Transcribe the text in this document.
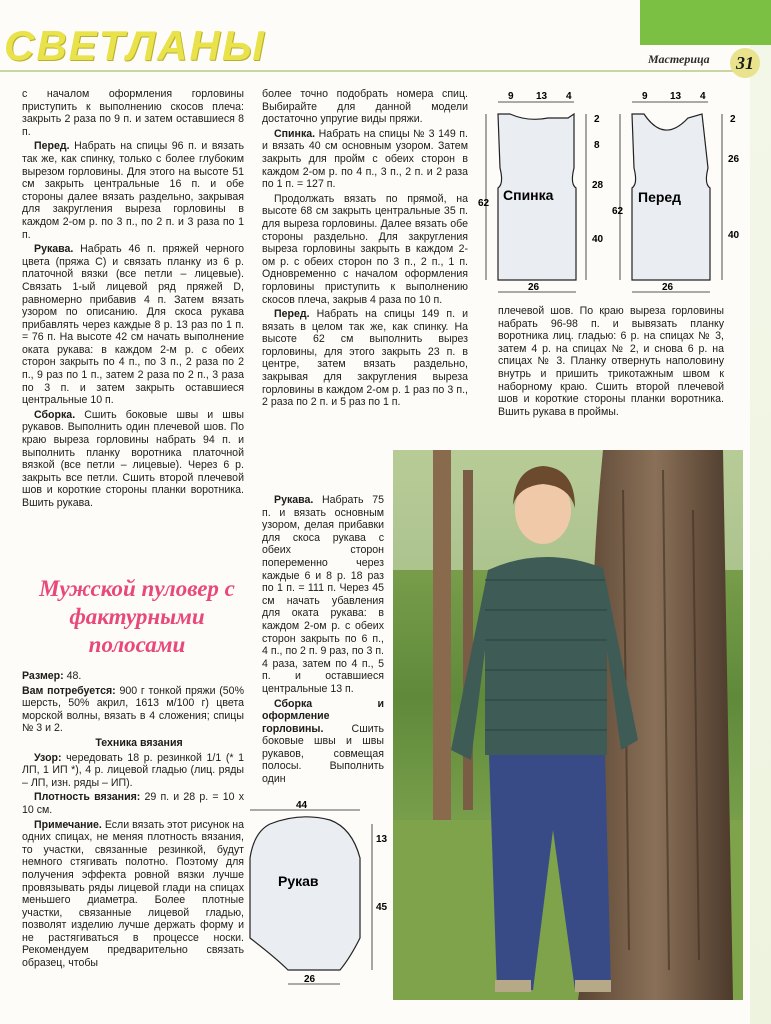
СВЕТЛАНЫ	Мастерица	31

с началом оформления горловины приступить к выполнению скосов плеча: закрыть 2 раза по 9 п. и затем оставшиеся 8 п.

Перед. Набрать на спицы 96 п. и вязать так же, как спинку, только с более глубоким вырезом горловины. Для этого на высоте 51 см закрыть центральные 16 п. и обе стороны далее вязать раздельно, закрывая для закругления выреза горловины в каждом 2-ом р. по 3 п., по 2 п. и 3 раза по 1 п.

Рукава. Набрать 46 п. пряжей черного цвета (пряжа С) и связать планку из 6 р. платочной вязки (все петли – лицевые). Связать 1-ый лицевой ряд пряжей D, равномерно прибавив 4 п. Затем вязать узором по описанию. Для скоса рукава прибавлять через каждые 8 р. 13 раз по 1 п. = 76 п. На высоте 42 см начать выполнение оката рукава: в каждом 2-м р. с обеих сторон закрыть по 4 п., по 3 п., 2 раза по 2 п., 9 раз по 1 п., затем 2 раза по 2 п., 3 раза по 3 п. и затем закрыть оставшиеся центральные 10 п.

Сборка. Сшить боковые швы и швы рукавов. Выполнить один плечевой шов. По краю выреза горловины набрать 94 п. и выполнить планку воротника платочной вязкой (все петли – лицевые). Через 6 р. закрыть все петли. Сшить второй плечевой шов и короткие стороны планки воротника. Вшить рукава.

Мужской пуловер с фактурными полосами

Размер: 48.

Вам потребуется: 900 г тонкой пряжи (50% шерсть, 50% акрил, 1613 м/100 г) цвета морской волны, вязать в 4 сложения; спицы № 3 и 2.

Техника вязания

Узор: чередовать 18 р. резинкой 1/1 (* 1 ЛП, 1 ИП *), 4 р. лицевой гладью (лиц. ряды – ЛП, изн. ряды – ИП).

Плотность вязания: 29 п. и 28 р. = 10 х 10 см.

Примечание. Если вязать этот рисунок на одних спицах, не меняя плотность вязания, то участки, связанные резинкой, будут немного стягивать полотно. Поэтому для получения эффекта ровной вязки лучше провязывать ряды лицевой глади на спицах меньшего диаметра. Более плотные участки, связанные лицевой гладью, позволят изделию лучше держать форму и не растягиваться в процессе носки. Рекомендуем предварительно связать образец, чтобы

более точно подобрать номера спиц. Выбирайте для данной модели достаточно упругие виды пряжи.

Спинка. Набрать на спицы № 3 149 п. и вязать 40 см основным узором. Затем закрыть для пройм с обеих сторон в каждом 2-ом р. по 4 п., 3 п., 2 п. и 2 раза по 1 п. = 127 п.

Продолжать вязать по прямой, на высоте 68 см закрыть центральные 35 п. для выреза горловины. Далее вязать обе стороны раздельно. Для закругления выреза горловины закрыть в каждом 2-ом р. с обеих сторон по 3 п., 2 п., 1 п. Одновременно с началом оформления горловины приступить к выполнению скосов плеча, закрыв 4 раза по 10 п.

Перед. Набрать на спицы 149 п. и вязать в целом так же, как спинку. На высоте 62 см выполнить вырез горловины, для этого закрыть 23 п. в центре, затем вязать раздельно, закрывая для закругления выреза горловины в каждом 2-ом р. 1 раз по 3 п., 2 раза по 2 п. и 5 раз по 1 п.

Рукава. Набрать 75 п. и вязать основным узором, делая прибавки для скоса рукава с обеих сторон попеременно через каждые 6 и 8 р. 18 раз по 1 п. = 111 п. Через 45 см начать убавления для оката рукава: в каждом 2-ом р. с обеих сторон закрыть по 6 п., 4 п., по 2 п. 9 раз, по 3 п. 4 раза, затем по 4 п., 5 п. и оставшиеся центральные 13 п.

Сборка и оформление горловины.	Сшить боковые швы и швы рукавов, совмещая полосы. Выполнить один

плечевой шов. По краю выреза горловины набрать 96-98 п. и вывязать планку воротника лиц. гладью: 6 р. на спицах № 3, затем 4 р. на спицах № 2, и снова 6 р. на спицах № 3. Планку отвернуть наполовину внутрь и пришить трикотажным швом к наборному краю. Сшить второй плечевой шов и короткие стороны планки воротника. Вшить рукава в проймы.

9 13 4
2
8
28
40
62
Спинка
26
9 13 4
2
26
40
62
Перед
26
44
13
45
Рукав
26
